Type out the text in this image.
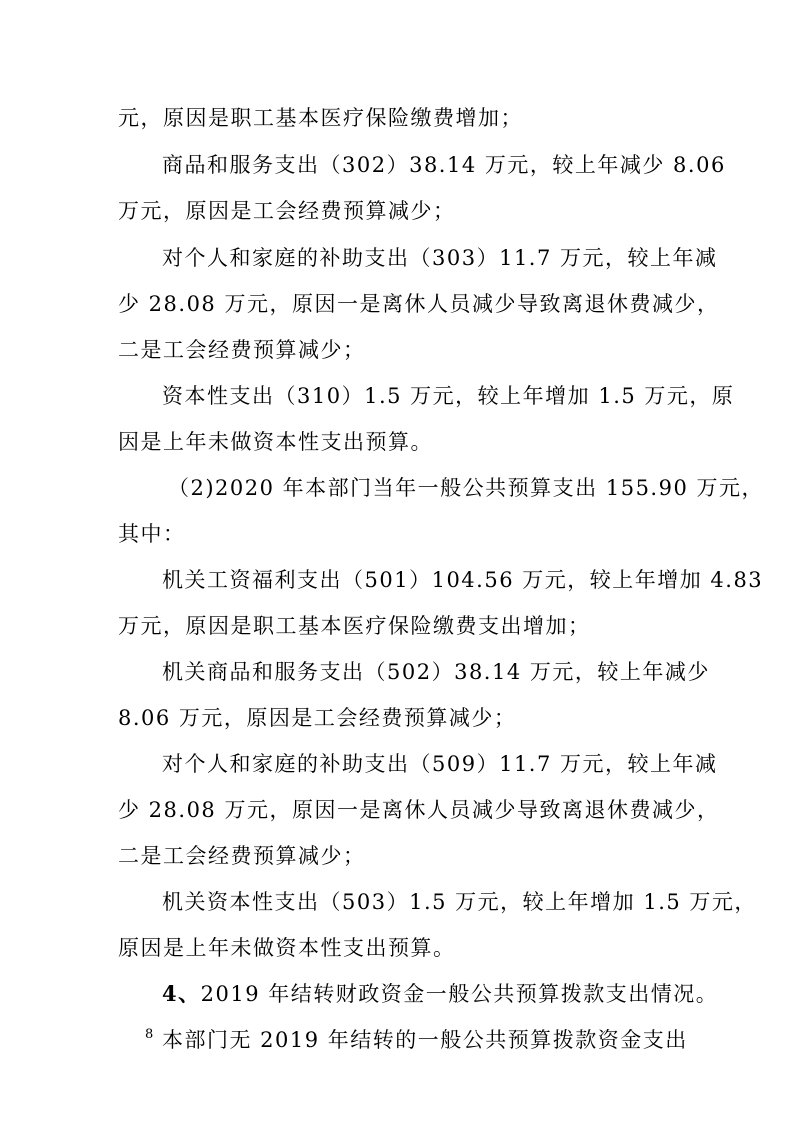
元，原因是职工基本医疗保险缴费增加；
商品和服务支出（302）38.14 万元，较上年减少 8.06
万元，原因是工会经费预算减少；
对个人和家庭的补助支出（303）11.7 万元，较上年减
少 28.08 万元，原因一是离休人员减少导致离退休费减少，
二是工会经费预算减少；
资本性支出（310）1.5 万元，较上年增加 1.5 万元，原
因是上年未做资本性支出预算。
（2)2020 年本部门当年一般公共预算支出 155.90 万元，
其中：
机关工资福利支出（501）104.56 万元，较上年增加 4.83
万元，原因是职工基本医疗保险缴费支出增加；
机关商品和服务支出（502）38.14 万元，较上年减少
8.06 万元，原因是工会经费预算减少；
对个人和家庭的补助支出（509）11.7 万元，较上年减
少 28.08 万元，原因一是离休人员减少导致离退休费减少，
二是工会经费预算减少；
机关资本性支出（503）1.5 万元，较上年增加 1.5 万元，
原因是上年未做资本性支出预算。
4、2019 年结转财政资金一般公共预算拨款支出情况。
本部门无 2019 年结转的一般公共预算拨款资金支出
8
